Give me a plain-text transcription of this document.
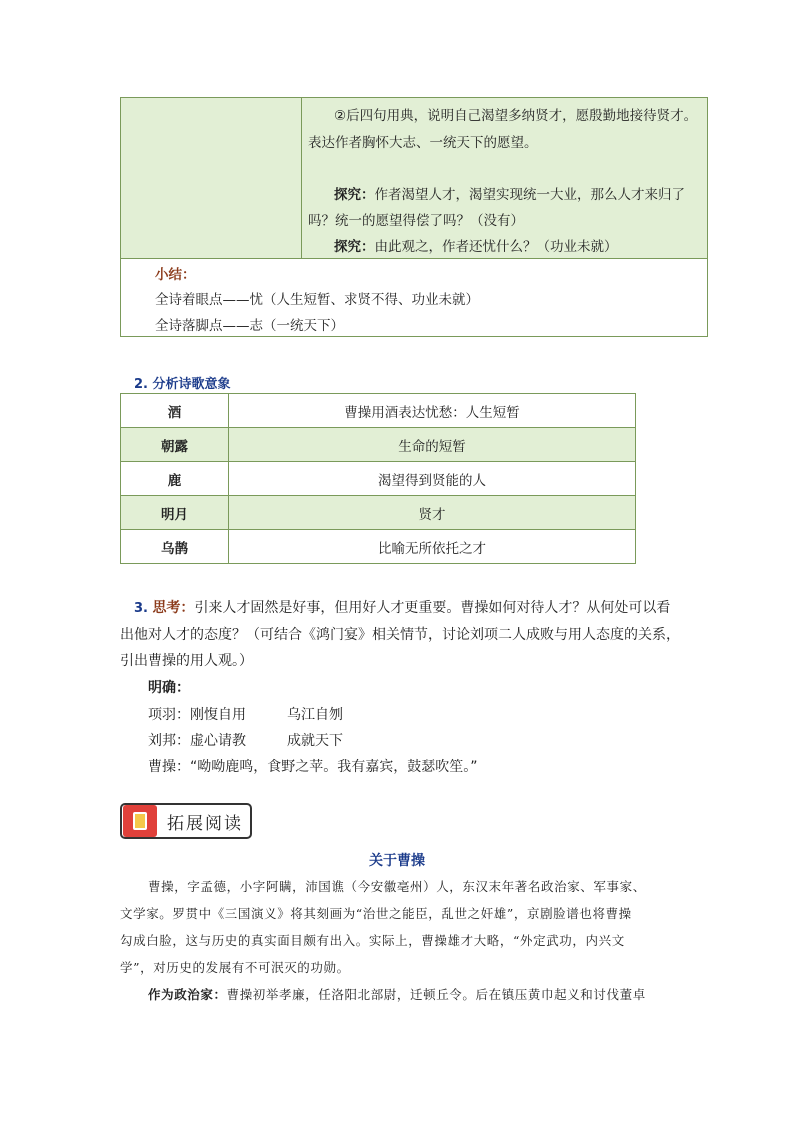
②后四句用典，说明自己渴望多纳贤才，愿殷勤地接待贤才。
表达作者胸怀大志、一统天下的愿望。
探究：作者渴望人才，渴望实现统一大业，那么人才来归了
吗？统一的愿望得偿了吗？（没有）
探究：由此观之，作者还忧什么？（功业未就）
小结：
全诗着眼点——忧（人生短暂、求贤不得、功业未就）
全诗落脚点——志（一统天下）
2. 分析诗歌意象
酒	曹操用酒表达忧愁：人生短暂
朝露	生命的短暂
鹿	渴望得到贤能的人
明月	贤才
乌鹊	比喻无所依托之才
3. 思考：引来人才固然是好事，但用好人才更重要。曹操如何对待人才？从何处可以看
出他对人才的态度？（可结合《鸿门宴》相关情节，讨论刘项二人成败与用人态度的关系，
引出曹操的用人观。）
明确：
项羽：刚愎自用	乌江自刎
刘邦：虚心请教	成就天下
曹操：“呦呦鹿鸣，食野之苹。我有嘉宾，鼓瑟吹笙。”
拓展阅读
关于曹操
曹操，字孟德，小字阿瞒，沛国谯（今安徽亳州）人，东汉末年著名政治家、军事家、
文学家。罗贯中《三国演义》将其刻画为“治世之能臣，乱世之奸雄”，京剧脸谱也将曹操
勾成白脸，这与历史的真实面目颇有出入。实际上，曹操雄才大略，“外定武功，内兴文
学”，对历史的发展有不可泯灭的功勋。
作为政治家：曹操初举孝廉，任洛阳北部尉，迁顿丘令。后在镇压黄巾起义和讨伐董卓
